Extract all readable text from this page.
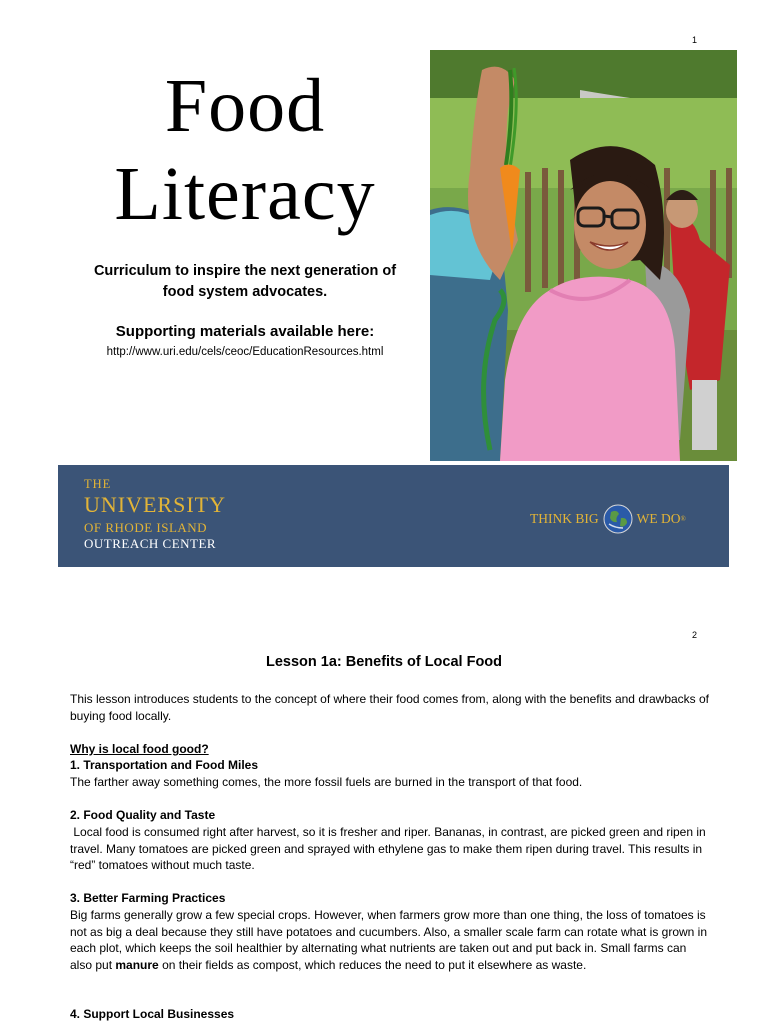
1
Food
Literacy
Curriculum to inspire the next generation of
food system advocates.
Supporting materials available here:
http://www.uri.edu/cels/ceoc/EducationResources.html
THE
UNIVERSITY
OF RHODE ISLAND
OUTREACH CENTER
THINK BIG	WE DO ®
2
Lesson 1a: Benefits of Local Food
This lesson introduces students to the concept of where their food comes from, along with the benefits and drawbacks of buying food locally.
Why is local food good?
1. Transportation and Food Miles
The farther away something comes, the more fossil fuels are burned in the transport of that food.
2. Food Quality and Taste
Local food is consumed right after harvest, so it is fresher and riper. Bananas, in contrast, are picked green and ripen in travel. Many tomatoes are picked green and sprayed with ethylene gas to make them ripen during travel. This results in “red” tomatoes without much taste.
3. Better Farming Practices
Big farms generally grow a few special crops. However, when farmers grow more than one thing, the loss of tomatoes is not as big a deal because they still have potatoes and cucumbers. Also, a smaller scale farm can rotate what is grown in each plot, which keeps the soil healthier by alternating what nutrients are taken out and put back in. Small farms can also put manure on their fields as compost, which reduces the need to put it elsewhere as waste.
4. Support Local Businesses
